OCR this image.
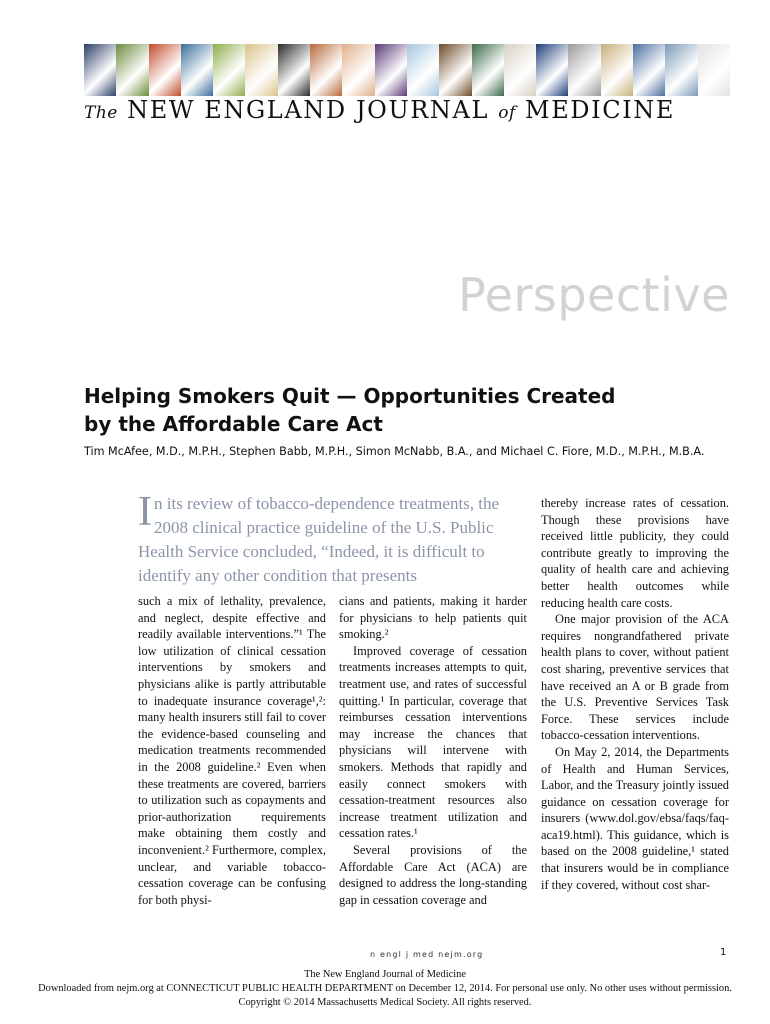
The NEW ENGLAND JOURNAL of MEDICINE
Perspective
Helping Smokers Quit — Opportunities Created
by the Affordable Care Act
Tim McAfee, M.D., M.P.H., Stephen Babb, M.P.H., Simon McNabb, B.A., and Michael C. Fiore, M.D., M.P.H., M.B.A.
In its review of tobacco-dependence treatments, the 2008 clinical practice guideline of the U.S. Public Health Service concluded, “Indeed, it is difficult to identify any other condition that presents

such a mix of lethality, prevalence, and neglect, despite effective and readily available interventions.”¹ The low utilization of clinical cessation interventions by smokers and physicians alike is partly attributable to inadequate insurance coverage¹,²: many health insurers still fail to cover the evidence-based counseling and medication treatments recommended in the 2008 guideline.² Even when these treatments are covered, barriers to utilization such as copayments and prior-authorization requirements make obtaining them costly and inconvenient.² Furthermore, complex, unclear, and variable tobacco-cessation coverage can be confusing for both physi-

cians and patients, making it harder for physicians to help patients quit smoking.²

Improved coverage of cessation treatments increases attempts to quit, treatment use, and rates of successful quitting.¹ In particular, coverage that reimburses cessation interventions may increase the chances that physicians will intervene with smokers. Methods that rapidly and easily connect smokers with cessation-treatment resources also increase treatment utilization and cessation rates.¹

Several provisions of the Affordable Care Act (ACA) are designed to address the long-standing gap in cessation coverage and

thereby increase rates of cessation. Though these provisions have received little publicity, they could contribute greatly to improving the quality of health care and achieving better health outcomes while reducing health care costs.

One major provision of the ACA requires nongrandfathered private health plans to cover, without patient cost sharing, preventive services that have received an A or B grade from the U.S. Preventive Services Task Force. These services include tobacco-cessation interventions.

On May 2, 2014, the Departments of Health and Human Services, Labor, and the Treasury jointly issued guidance on cessation coverage for insurers (www.dol.gov/ebsa/faqs/faq-aca19.html). This guidance, which is based on the 2008 guideline,¹ stated that insurers would be in compliance if they covered, without cost shar-

n engl j med nejm.org	1
The New England Journal of Medicine
Downloaded from nejm.org at CONNECTICUT PUBLIC HEALTH DEPARTMENT on December 12, 2014. For personal use only. No other uses without permission.
Copyright © 2014 Massachusetts Medical Society. All rights reserved.
